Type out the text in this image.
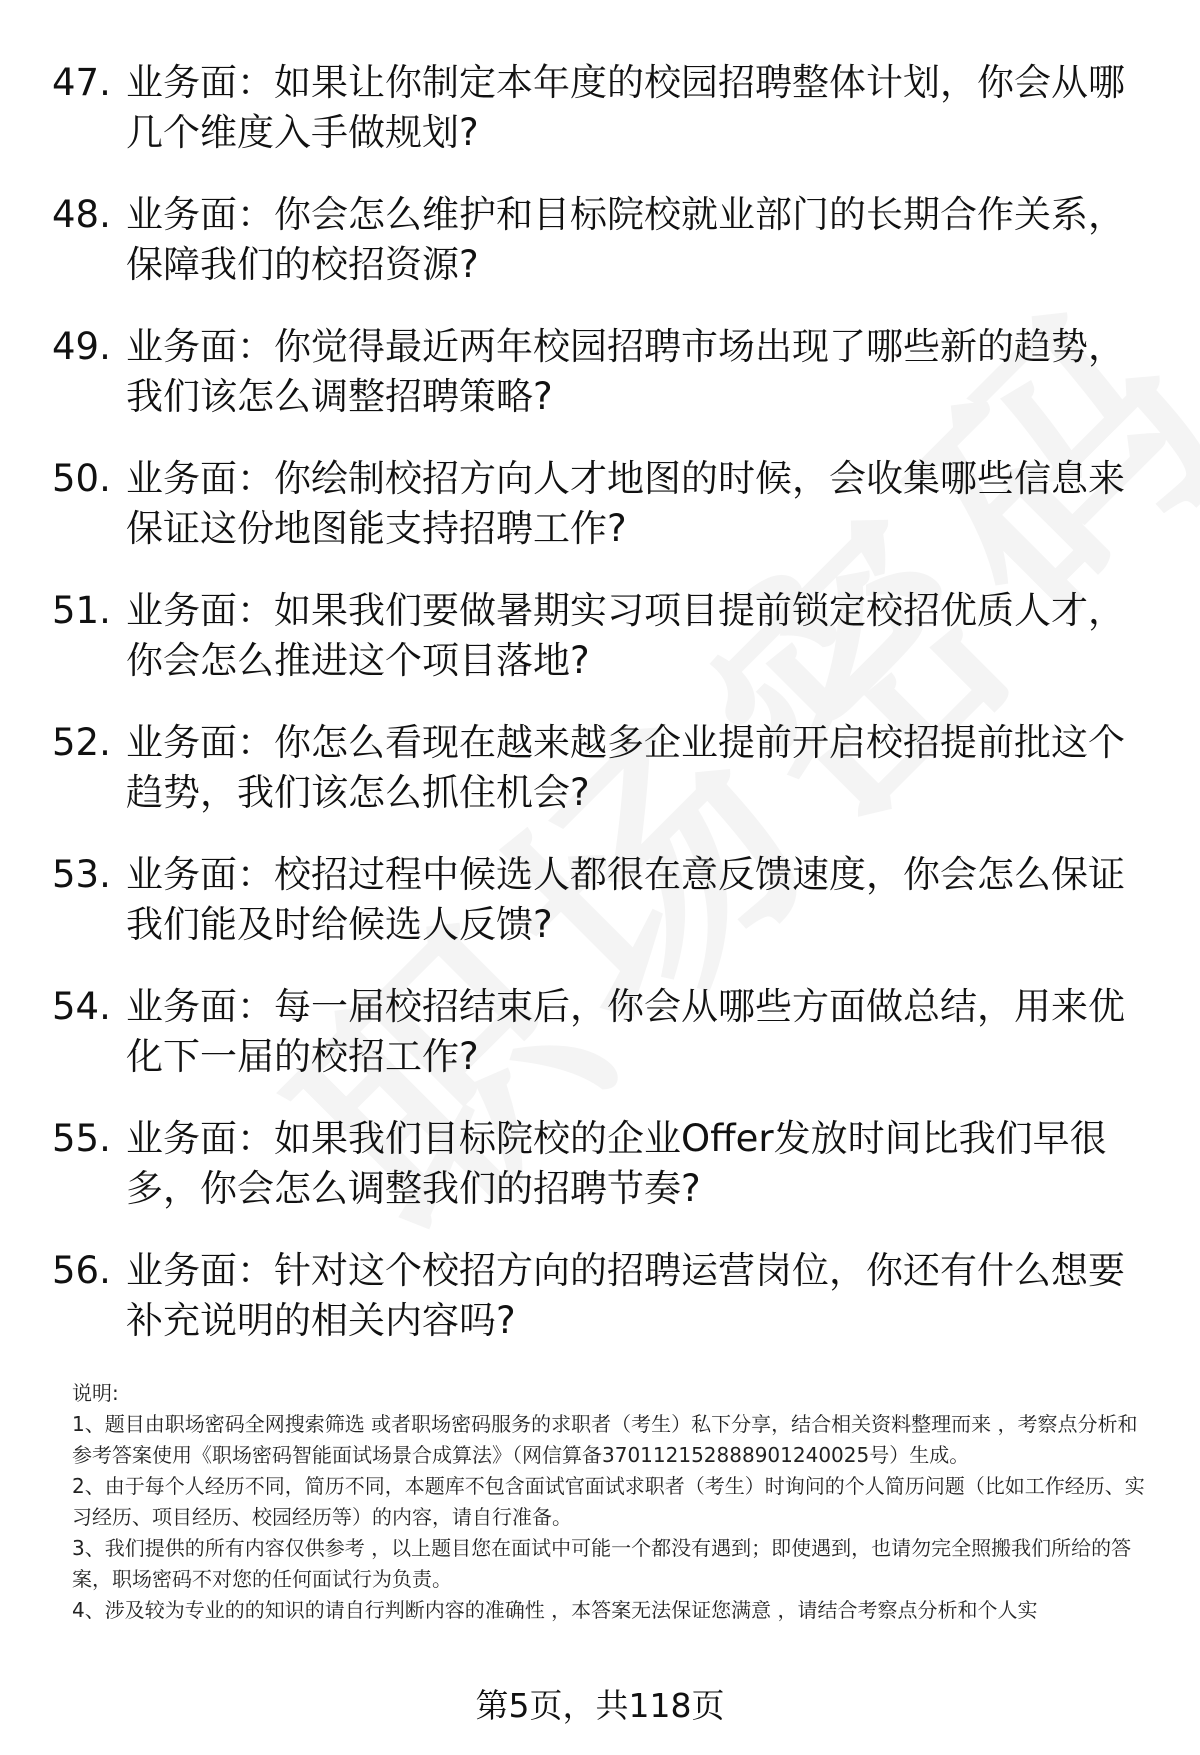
47. 业务面：如果让你制定本年度的校园招聘整体计划，你会从哪几个维度入手做规划?
48. 业务面：你会怎么维护和目标院校就业部门的长期合作关系，保障我们的校招资源?
49. 业务面：你觉得最近两年校园招聘市场出现了哪些新的趋势，我们该怎么调整招聘策略?
50. 业务面：你绘制校招方向人才地图的时候，会收集哪些信息来保证这份地图能支持招聘工作?
51. 业务面：如果我们要做暑期实习项目提前锁定校招优质人才，你会怎么推进这个项目落地?
52. 业务面：你怎么看现在越来越多企业提前开启校招提前批这个趋势，我们该怎么抓住机会?
53. 业务面：校招过程中候选人都很在意反馈速度，你会怎么保证我们能及时给候选人反馈?
54. 业务面：每一届校招结束后，你会从哪些方面做总结，用来优化下一届的校招工作?
55. 业务面：如果我们目标院校的企业Offer发放时间比我们早很多，你会怎么调整我们的招聘节奏?
56. 业务面：针对这个校招方向的招聘运营岗位，你还有什么想要补充说明的相关内容吗?

说明:

1、题目由职场密码全网搜索筛选 或者职场密码服务的求职者（考生）私下分享，结合相关资料整理而来 ，考察点分析和参考答案使用《职场密码智能面试场景合成算法》（网信算备370112152888901240025号）生成。

2、由于每个人经历不同，简历不同，本题库不包含面试官面试求职者（考生）时询问的个人简历问题（比如工作经历、实习经历、项目经历、校园经历等）的内容，请自行准备。

3、我们提供的所有内容仅供参考 ，以上题目您在面试中可能一个都没有遇到；即使遇到，也请勿完全照搬我们所给的答案，职场密码不对您的任何面试行为负责。

4、涉及较为专业的的知识的请自行判断内容的准确性 ，本答案无法保证您满意 ，请结合考察点分析和个人实

第5页，共118页
